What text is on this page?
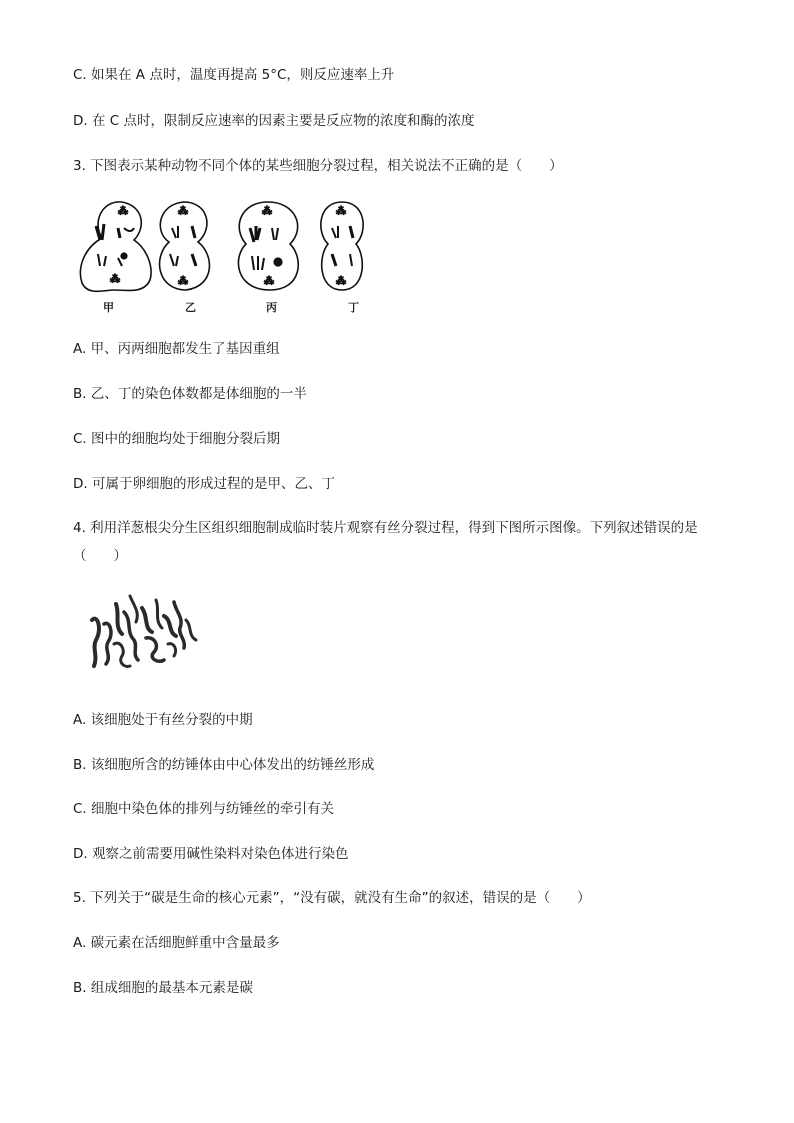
C. 如果在 A 点时，温度再提高 5°C，则反应速率上升
D. 在 C 点时，限制反应速率的因素主要是反应物的浓度和酶的浓度
3. 下图表示某种动物不同个体的某些细胞分裂过程，相关说法不正确的是（　　）
⁂
⁂
⁂
⁂
⁂
⁂
⁂
⁂
甲	乙	丙	丁
A. 甲、丙两细胞都发生了基因重组
B. 乙、丁的染色体数都是体细胞的一半
C. 图中的细胞均处于细胞分裂后期
D. 可属于卵细胞的形成过程的是甲、乙、丁
4. 利用洋葱根尖分生区组织细胞制成临时装片观察有丝分裂过程，得到下图所示图像。下列叙述错误的是
（　　）
A. 该细胞处于有丝分裂的中期
B. 该细胞所含的纺锤体由中心体发出的纺锤丝形成
C. 细胞中染色体的排列与纺锤丝的牵引有关
D. 观察之前需要用碱性染料对染色体进行染色
5. 下列关于“碳是生命的核心元素”，“没有碳，就没有生命”的叙述，错误的是（　　）
A. 碳元素在活细胞鲜重中含量最多
B. 组成细胞的最基本元素是碳
